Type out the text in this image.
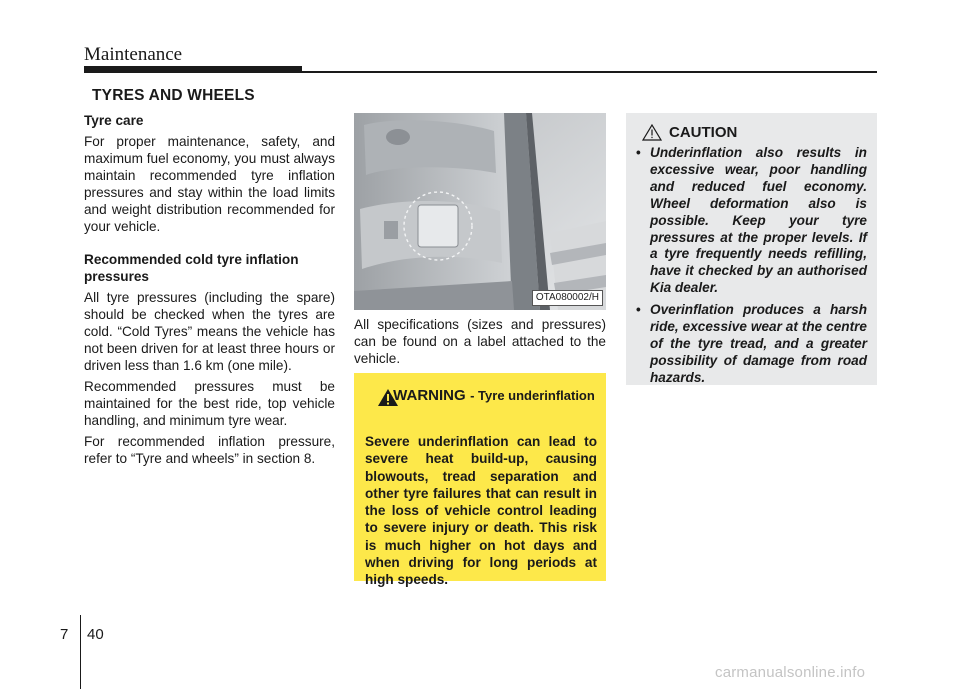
Maintenance
TYRES AND WHEELS
Tyre care

For proper maintenance, safety, and maximum fuel economy, you must always maintain recommended tyre inflation pressures and stay within the load limits and weight distribution recommended for your vehicle.

Recommended cold tyre inflation pressures

All tyre pressures (including the spare) should be checked when the tyres are cold. “Cold Tyres” means the vehicle has not been driven for at least three hours or driven less than 1.6 km (one mile).

Recommended pressures must be maintained for the best ride, top vehicle handling, and minimum tyre wear.

For recommended inflation pressure, refer to “Tyre and wheels” in section 8.

OTA080002/H

All specifications (sizes and pressures) can be found on a label attached to the vehicle.

WARNING - Tyre underinflation

Severe underinflation can lead to severe heat build-up, causing blowouts, tread separation and other tyre failures that can result in the loss of vehicle control leading to severe injury or death. This risk is much higher on hot days and when driving for long periods at high speeds.

CAUTION
• Underinflation also results in excessive wear, poor handling and reduced fuel economy. Wheel deformation also is possible. Keep your tyre pressures at the proper levels. If a tyre frequently needs refilling, have it checked by an authorised Kia dealer.
• Overinflation produces a harsh ride, excessive wear at the centre of the tyre tread, and a greater possibility of damage from road hazards.
7 40
carmanualsonline.info
